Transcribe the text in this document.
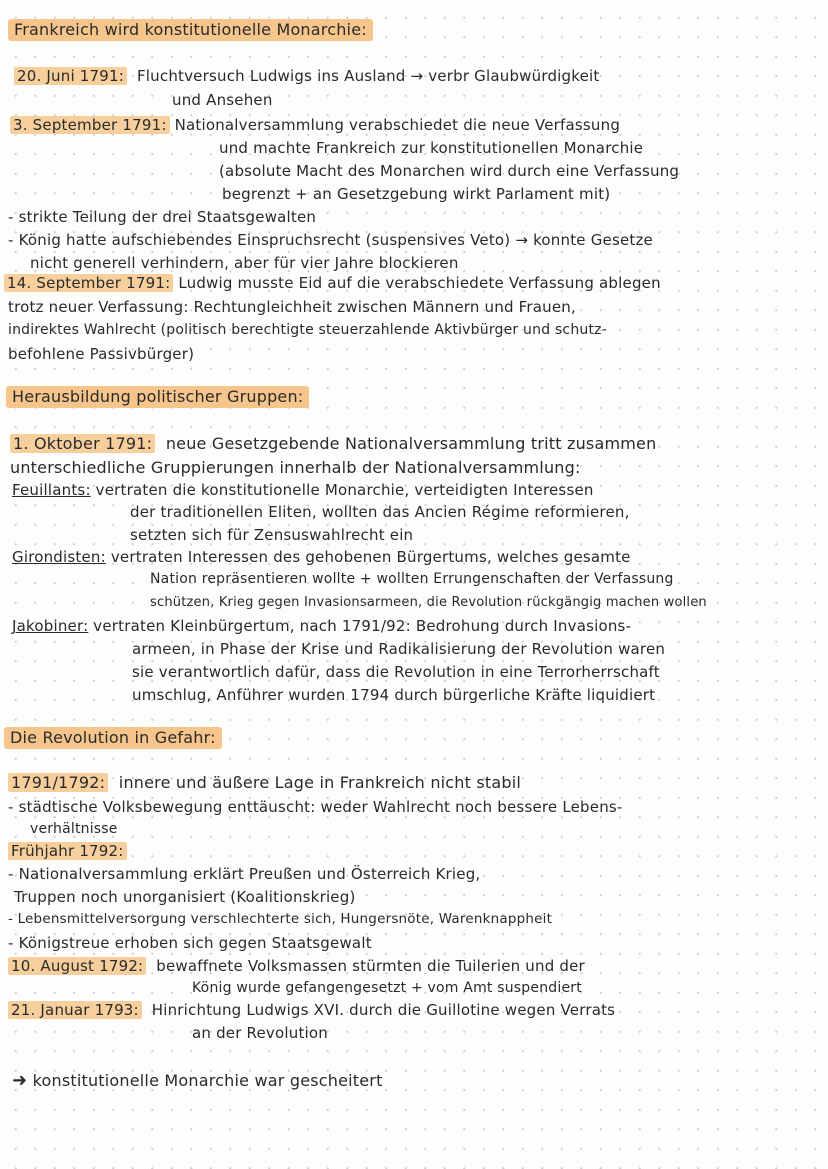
Frankreich wird konstitutionelle Monarchie:
20. Juni 1791: Fluchtversuch Ludwigs ins Ausland → verbr Glaubwürdigkeit
und Ansehen
3. September 1791: Nationalversammlung verabschiedet die neue Verfassung
und machte Frankreich zur konstitutionellen Monarchie
(absolute Macht des Monarchen wird durch eine Verfassung
begrenzt + an Gesetzgebung wirkt Parlament mit)
- strikte Teilung der drei Staatsgewalten
- König hatte aufschiebendes Einspruchsrecht (suspensives Veto) → konnte Gesetze
nicht generell verhindern, aber für vier Jahre blockieren
14. September 1791: Ludwig musste Eid auf die verabschiedete Verfassung ablegen
trotz neuer Verfassung: Rechtungleichheit zwischen Männern und Frauen,
indirektes Wahlrecht (politisch berechtigte steuerzahlende Aktivbürger und schutz-
befohlene Passivbürger)
Herausbildung politischer Gruppen:
1. Oktober 1791: neue Gesetzgebende Nationalversammlung tritt zusammen
unterschiedliche Gruppierungen innerhalb der Nationalversammlung:
Feuillants: vertraten die konstitutionelle Monarchie, verteidigten Interessen
der traditionellen Eliten, wollten das Ancien Régime reformieren,
setzten sich für Zensuswahlrecht ein
Girondisten: vertraten Interessen des gehobenen Bürgertums, welches gesamte
Nation repräsentieren wollte + wollten Errungenschaften der Verfassung
schützen, Krieg gegen Invasionsarmeen, die Revolution rückgängig machen wollen
Jakobiner: vertraten Kleinbürgertum, nach 1791/92: Bedrohung durch Invasions-
armeen, in Phase der Krise und Radikalisierung der Revolution waren
sie verantwortlich dafür, dass die Revolution in eine Terrorherrschaft
umschlug, Anführer wurden 1794 durch bürgerliche Kräfte liquidiert
Die Revolution in Gefahr:
1791/1792: innere und äußere Lage in Frankreich nicht stabil
- städtische Volksbewegung enttäuscht: weder Wahlrecht noch bessere Lebens-
verhältnisse
Frühjahr 1792:
- Nationalversammlung erklärt Preußen und Österreich Krieg,
Truppen noch unorganisiert (Koalitionskrieg)
- Lebensmittelversorgung verschlechterte sich, Hungersnöte, Warenknappheit
- Königstreue erhoben sich gegen Staatsgewalt
10. August 1792: bewaffnete Volksmassen stürmten die Tuilerien und der
König wurde gefangengesetzt + vom Amt suspendiert
21. Januar 1793: Hinrichtung Ludwigs XVI. durch die Guillotine wegen Verrats
an der Revolution
➜ konstitutionelle Monarchie war gescheitert
